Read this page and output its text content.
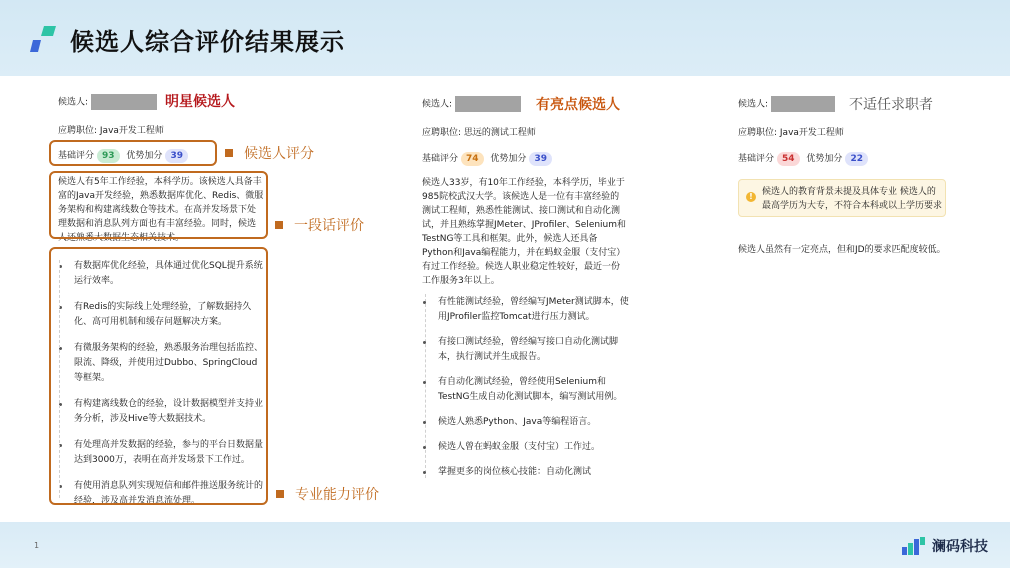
候选人综合评价结果展示
候选人:	明星候选人
应聘职位: Java开发工程师
基础评分 93 优势加分 39
候选人有5年工作经验，本科学历。该候选人具备丰富的Java开发经验，熟悉数据库优化、Redis、微服务架构和构建离线数仓等技术。在高并发场景下处理数据和消息队列方面也有丰富经验。同时，候选人还熟悉大数据生态相关技术。
有数据库优化经验，具体通过优化SQL提升系统运行效率。
有Redis的实际线上处理经验，了解数据持久化、高可用机制和缓存问题解决方案。
有微服务架构的经验，熟悉服务治理包括监控、限流、降级，并使用过Dubbo、SpringCloud等框架。
有构建离线数仓的经验，设计数据模型并支持业务分析，涉及Hive等大数据技术。
有处理高并发数据的经验，参与的平台日数据量达到3000万，表明在高并发场景下工作过。
有使用消息队列实现短信和邮件推送服务统计的经验，涉及高并发消息流处理。
候选人评分
一段话评价
专业能力评价
候选人:	有亮点候选人
应聘职位: 思远的测试工程师
基础评分 74 优势加分 39
候选人33岁，有10年工作经验，本科学历，毕业于985院校武汉大学。该候选人是一位有丰富经验的测试工程师，熟悉性能测试、接口测试和自动化测试，并且熟练掌握JMeter、JProfiler、Selenium和TestNG等工具和框架。此外，候选人还具备Python和Java编程能力，并在蚂蚁金服（支付宝）有过工作经验。候选人职业稳定性较好，最近一份工作服务3年以上。
有性能测试经验，曾经编写JMeter测试脚本，使用JProfiler监控Tomcat进行压力测试。
有接口测试经验，曾经编写接口自动化测试脚本，执行测试并生成报告。
有自动化测试经验，曾经使用Selenium和TestNG生成自动化测试脚本，编写测试用例。
候选人熟悉Python、Java等编程语言。
候选人曾在蚂蚁金服（支付宝）工作过。
掌握更多的岗位核心技能：自动化测试
候选人:	不适任求职者
应聘职位: Java开发工程师
基础评分 54 优势加分 22
!	候选人的教育背景未提及具体专业 候选人的最高学历为大专，不符合本科或以上学历要求
候选人虽然有一定亮点，但和JD的要求匹配度较低。
1	澜码科技
